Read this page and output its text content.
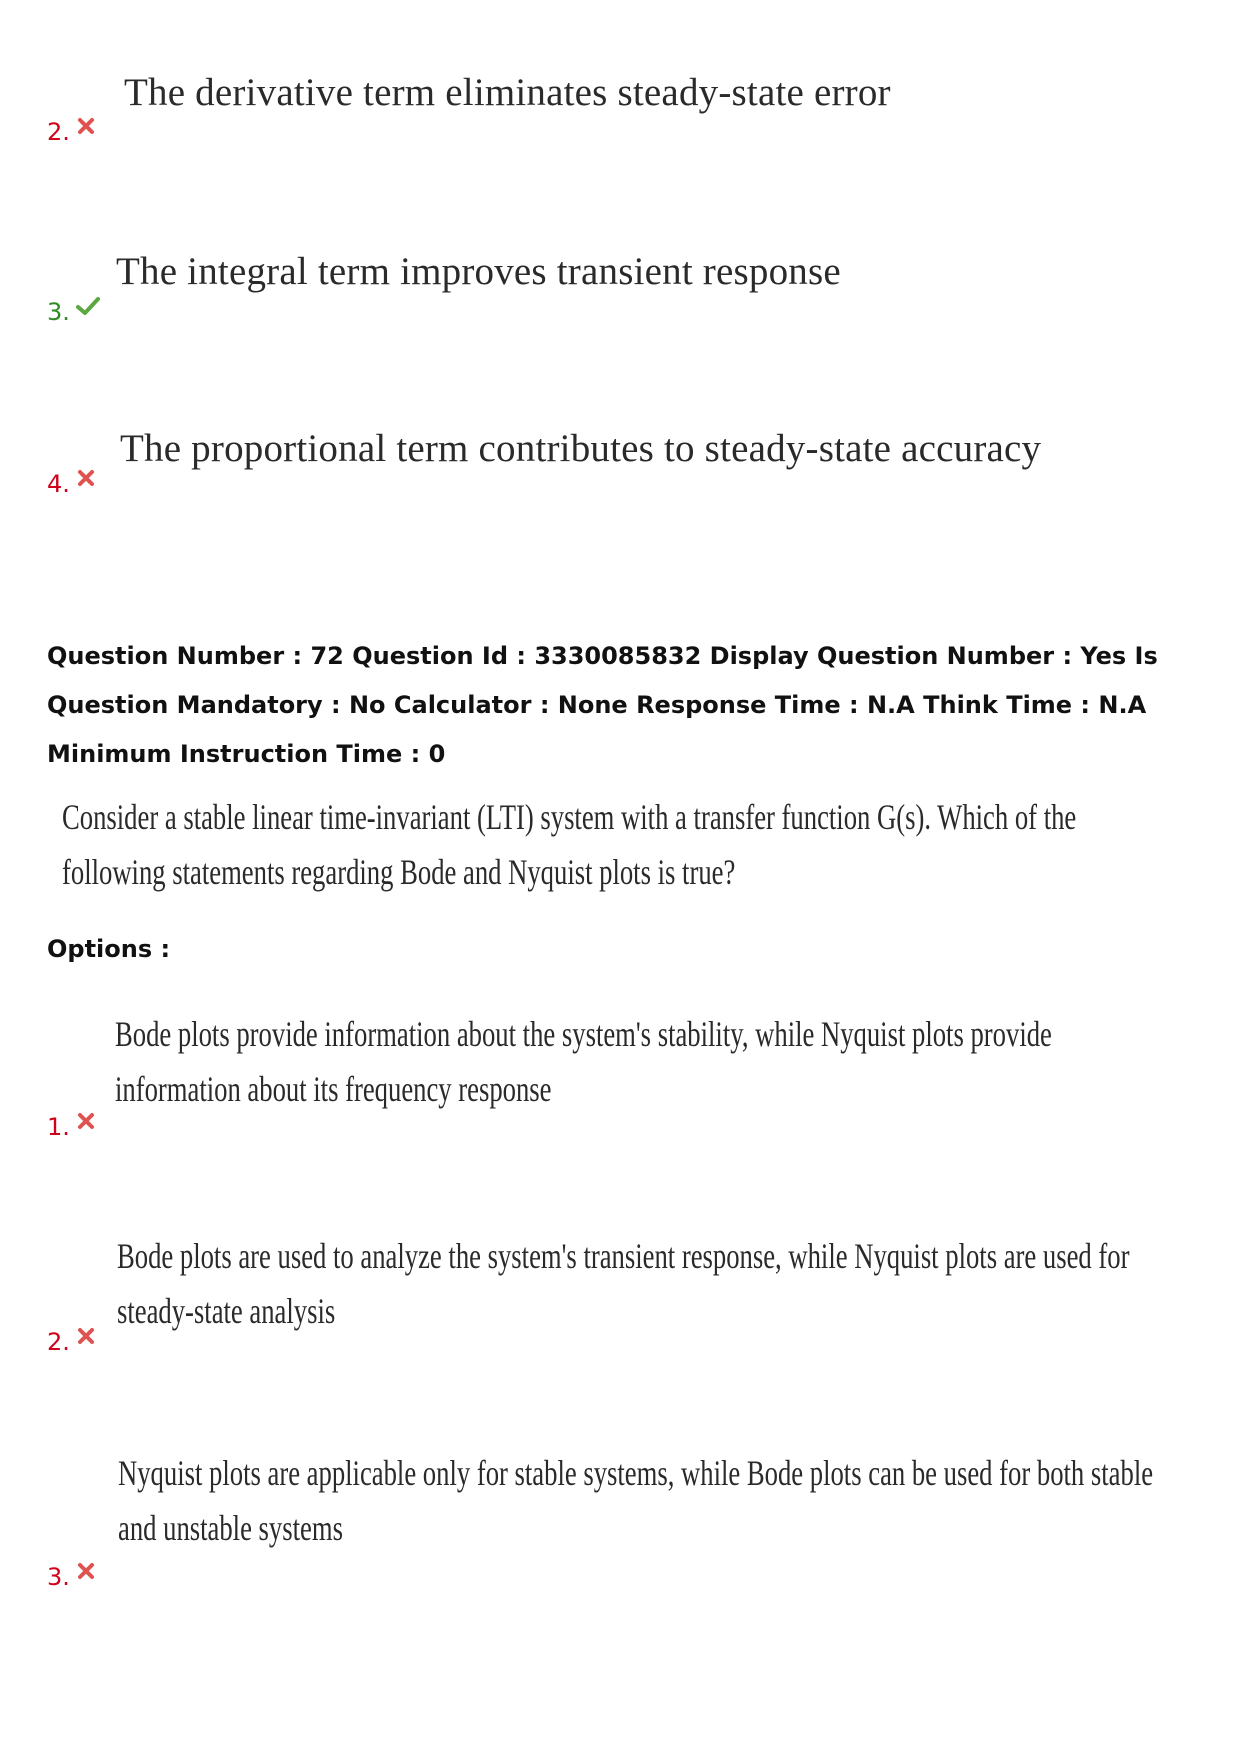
The derivative term eliminates steady-state error
2.
The integral term improves transient response
3.
The proportional term contributes to steady-state accuracy
4.
Question Number : 72 Question Id : 3330085832 Display Question Number : Yes Is Question Mandatory : No Calculator : None Response Time : N.A Think Time : N.A Minimum Instruction Time : 0
Consider a stable linear time-invariant (LTI) system with a transfer function G(s). Which of the
following statements regarding Bode and Nyquist plots is true?
Options :
Bode plots provide information about the system's stability, while Nyquist plots provide
information about its frequency response
1.
Bode plots are used to analyze the system's transient response, while Nyquist plots are used for
steady-state analysis
2.
Nyquist plots are applicable only for stable systems, while Bode plots can be used for both stable
and unstable systems
3.
